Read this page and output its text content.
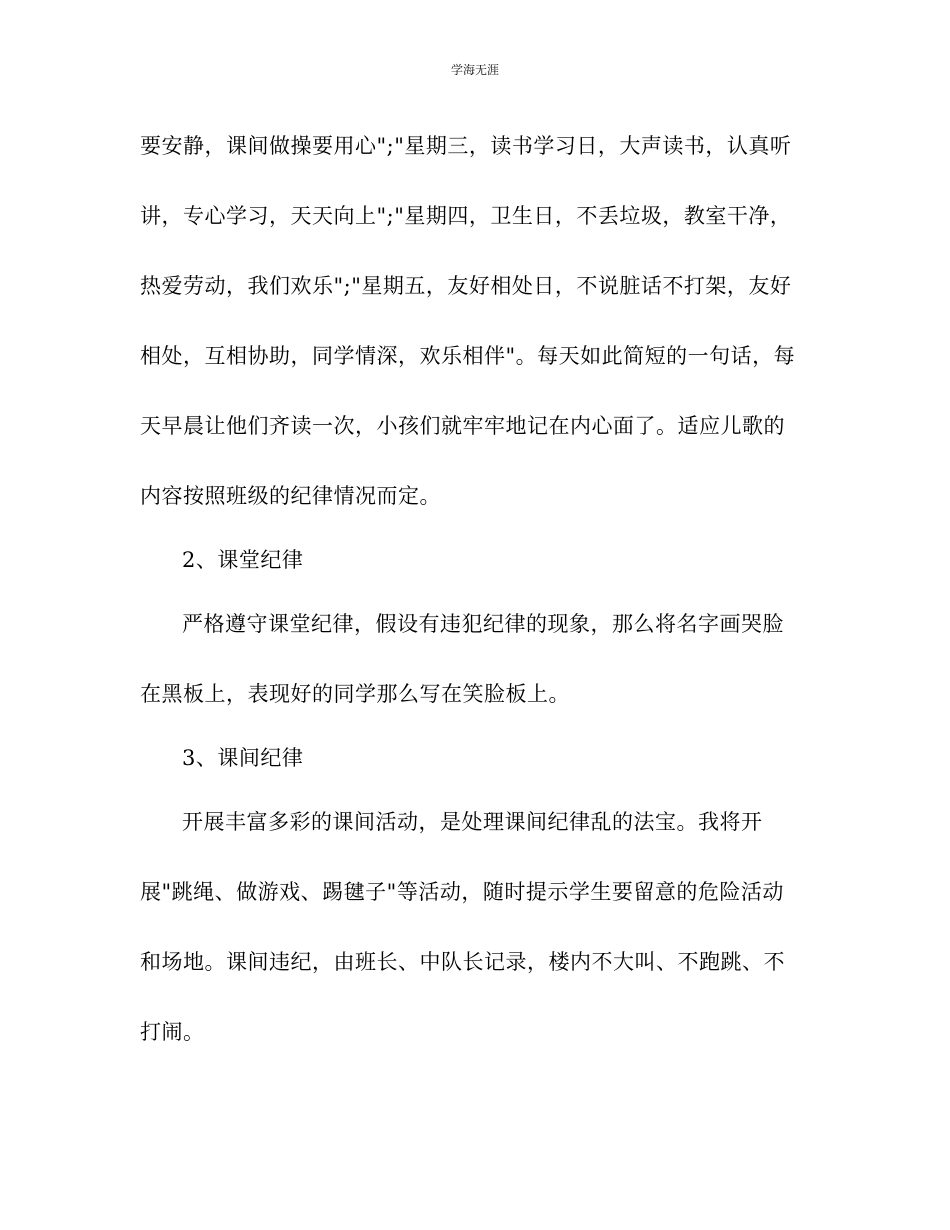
学海无涯
要安静，课间做操要用心";"星期三，读书学习日，大声读书，认真听
讲，专心学习，天天向上";"星期四，卫生日，不丢垃圾，教室干净，
热爱劳动，我们欢乐";"星期五，友好相处日，不说脏话不打架，友好
相处，互相协助，同学情深，欢乐相伴"。每天如此简短的一句话，每
天早晨让他们齐读一次，小孩们就牢牢地记在内心面了。适应儿歌的
内容按照班级的纪律情况而定。
2、课堂纪律
严格遵守课堂纪律，假设有违犯纪律的现象，那么将名字画哭脸
在黑板上，表现好的同学那么写在笑脸板上。
3、课间纪律
开展丰富多彩的课间活动，是处理课间纪律乱的法宝。我将开
展"跳绳、做游戏、踢毽子"等活动，随时提示学生要留意的危险活动
和场地。课间违纪，由班长、中队长记录，楼内不大叫、不跑跳、不
打闹。
